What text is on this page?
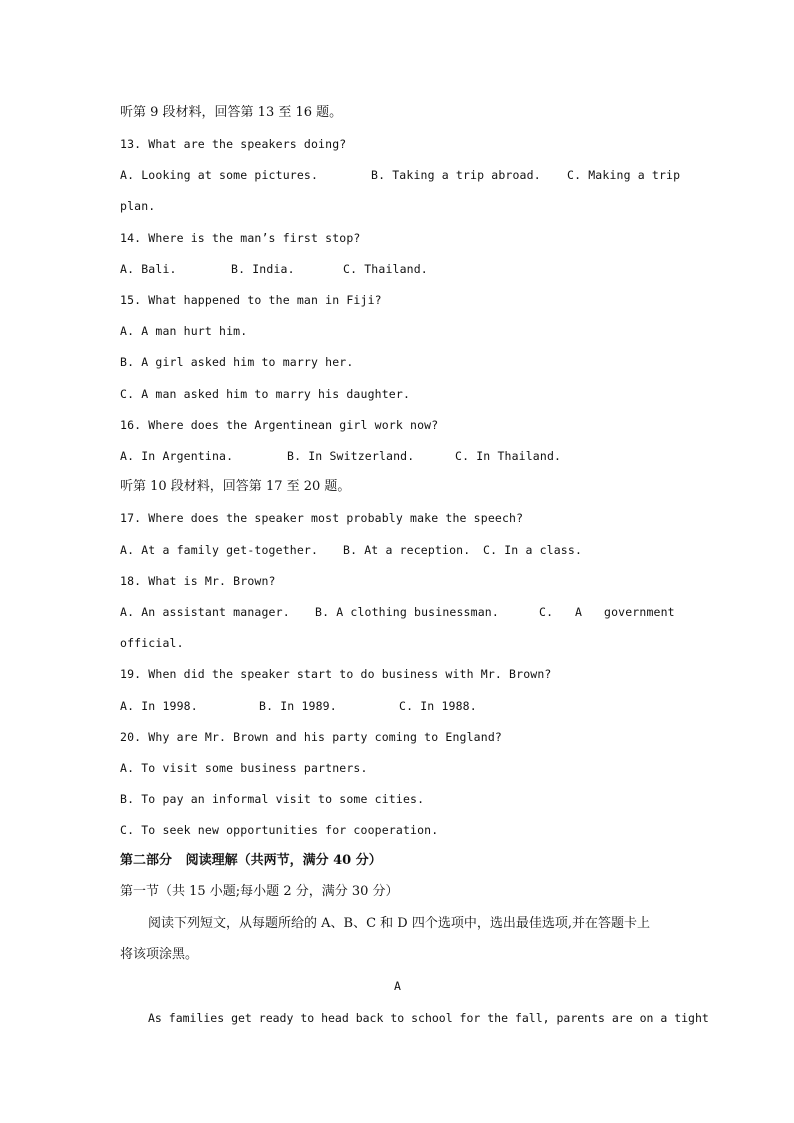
听第 9 段材料，回答第 13 至 16 题。
13. What are the speakers doing?
A. Looking at some pictures.	B. Taking a trip abroad. C. Making a trip
plan.
14. Where is the man’s first stop?
A. Bali.	B. India.	C. Thailand.
15. What happened to the man in Fiji?
A. A man hurt him.
B. A girl asked him to marry her.
C. A man asked him to marry his daughter.
16. Where does the Argentinean girl work now?
A. In Argentina.	B. In Switzerland.	C. In Thailand.
听第 10 段材料，回答第 17 至 20 题。
17. Where does the speaker most probably make the speech?
A. At a family get-together. B. At a reception. C. In a class.
18. What is Mr. Brown?
A. An assistant manager. B. A clothing businessman.	C. A government
official.
19. When did the speaker start to do business with Mr. Brown?
A. In 1998.	B. In 1989.	C. In 1988.
20. Why are Mr. Brown and his party coming to England?
A. To visit some business partners.
B. To pay an informal visit to some cities.
C. To seek new opportunities for cooperation.
第二部分   阅读理解（共两节，满分 40 分）
第一节（共 15 小题;每小题 2 分，满分 30 分）
阅读下列短文，从每题所给的 A、B、C 和 D 四个选项中，选出最佳选项,并在答题卡上
将该项涂黑。
A
As families get ready to head back to school for the fall, parents are on a tight
